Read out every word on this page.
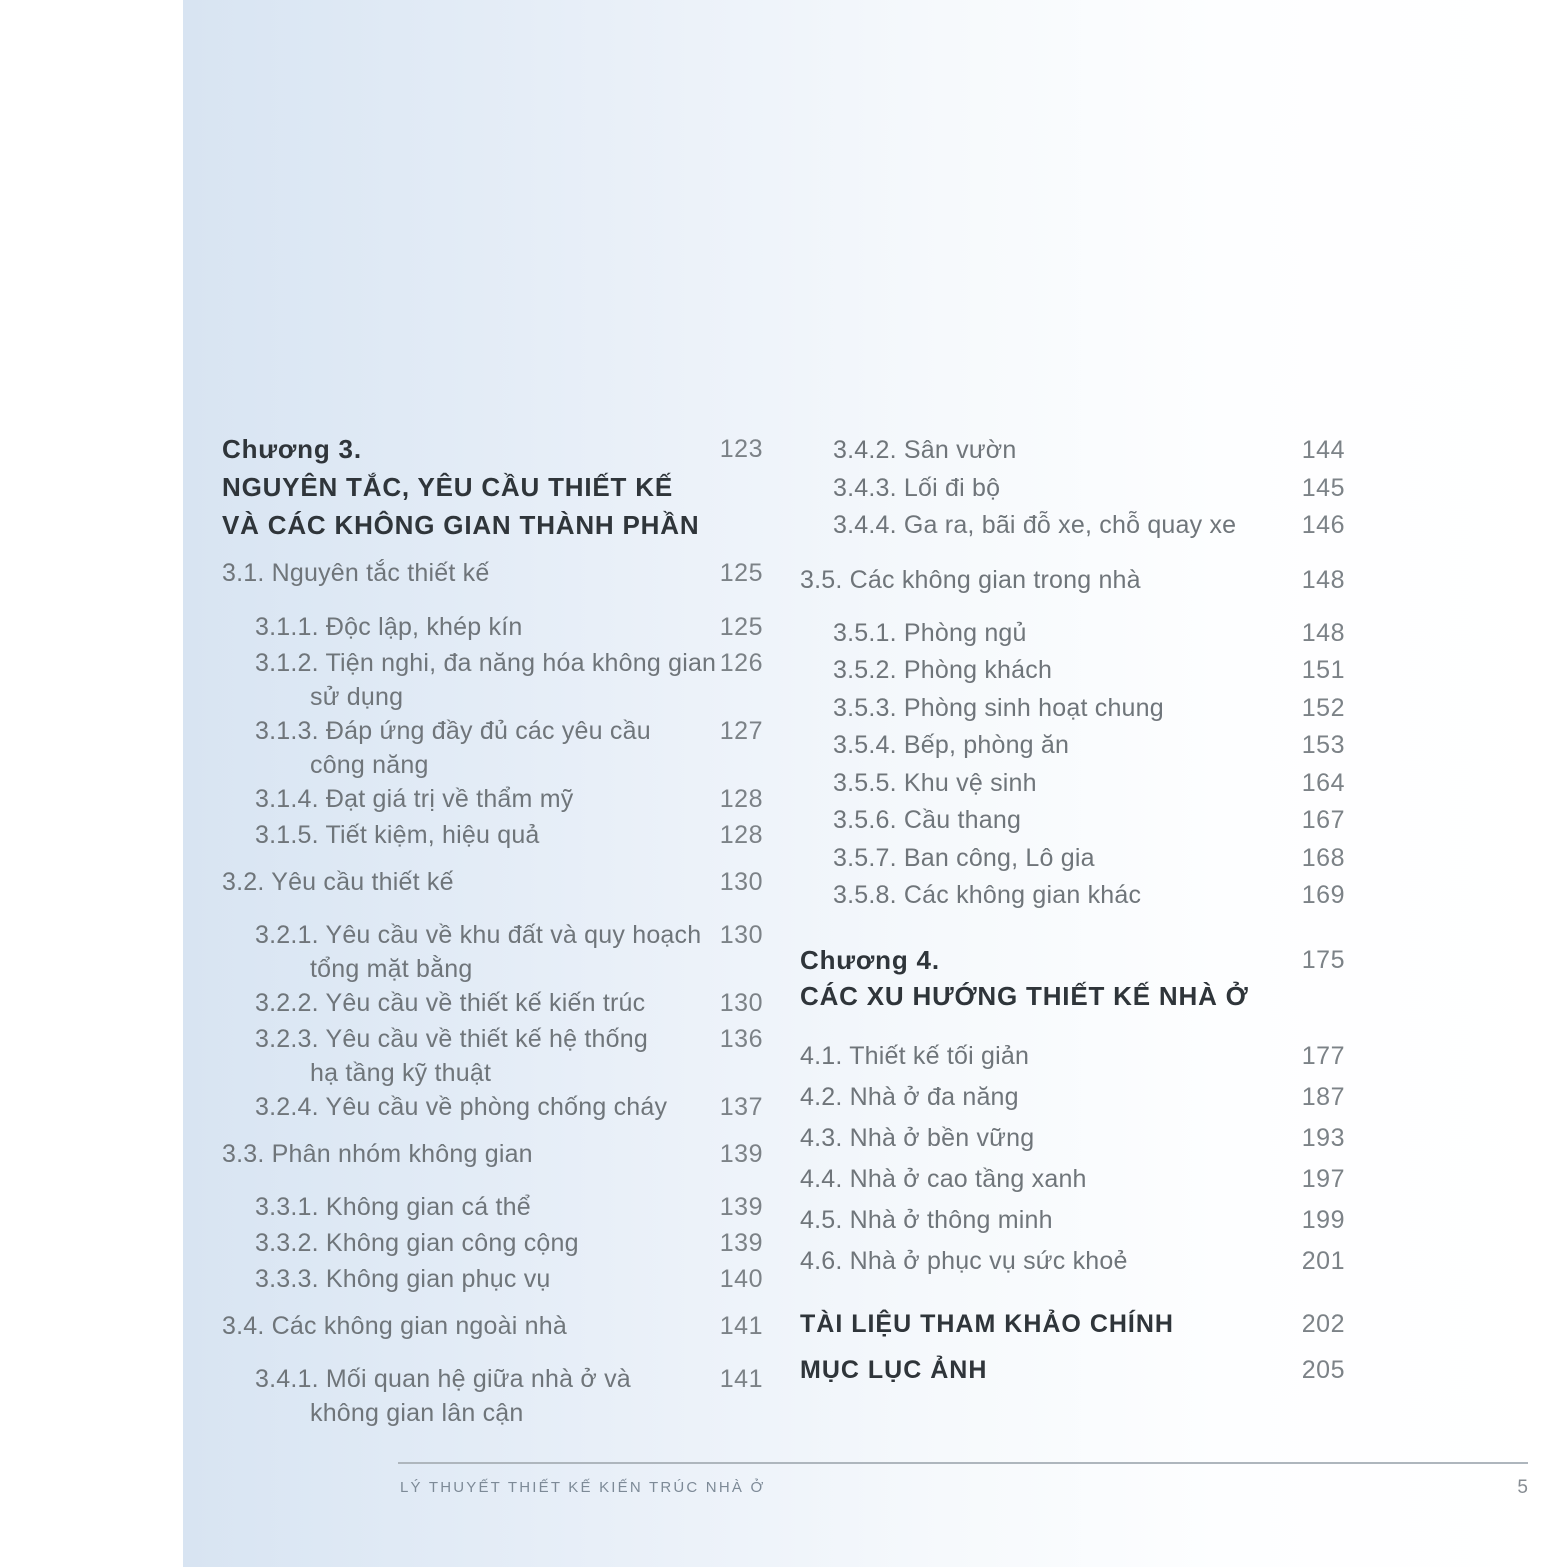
LÝ THUYẾT THIẾT KẾ KIẾN TRÚC NHÀ Ở	5
Chương 3.	123
NGUYÊN TẮC, YÊU CẦU THIẾT KẾ
VÀ CÁC KHÔNG GIAN THÀNH PHẦN
3.1. Nguyên tắc thiết kế	125
3.1.1. Độc lập, khép kín	125
3.1.2. Tiện nghi, đa năng hóa không gian 126
sử dụng
3.1.3. Đáp ứng đầy đủ các yêu cầu	127
công năng
3.1.4. Đạt giá trị về thẩm mỹ	128
3.1.5. Tiết kiệm, hiệu quả	128
3.2. Yêu cầu thiết kế	130
3.2.1. Yêu cầu về khu đất và quy hoạch 130
tổng mặt bằng
3.2.2. Yêu cầu về thiết kế kiến trúc	130
3.2.3. Yêu cầu về thiết kế hệ thống	136
hạ tầng kỹ thuật
3.2.4. Yêu cầu về phòng chống cháy 137
3.3. Phân nhóm không gian	139
3.3.1. Không gian cá thể	139
3.3.2. Không gian công cộng	139
3.3.3. Không gian phục vụ	140
3.4. Các không gian ngoài nhà	141
3.4.1. Mối quan hệ giữa nhà ở và	141
không gian lân cận
3.4.2. Sân vườn	144
3.4.3. Lối đi bộ	145
3.4.4. Ga ra, bãi đỗ xe, chỗ quay xe	146
3.5. Các không gian trong nhà	148
3.5.1. Phòng ngủ	148
3.5.2. Phòng khách	151
3.5.3. Phòng sinh hoạt chung	152
3.5.4. Bếp, phòng ăn	153
3.5.5. Khu vệ sinh	164
3.5.6. Cầu thang	167
3.5.7. Ban công, Lô gia	168
3.5.8. Các không gian khác	169
Chương 4.	175
CÁC XU HƯỚNG THIẾT KẾ NHÀ Ở
4.1. Thiết kế tối giản	177
4.2. Nhà ở đa năng	187
4.3. Nhà ở bền vững	193
4.4. Nhà ở cao tầng xanh	197
4.5. Nhà ở thông minh	199
4.6. Nhà ở phục vụ sức khoẻ	201
TÀI LIỆU THAM KHẢO CHÍNH	202
MỤC LỤC ẢNH	205
